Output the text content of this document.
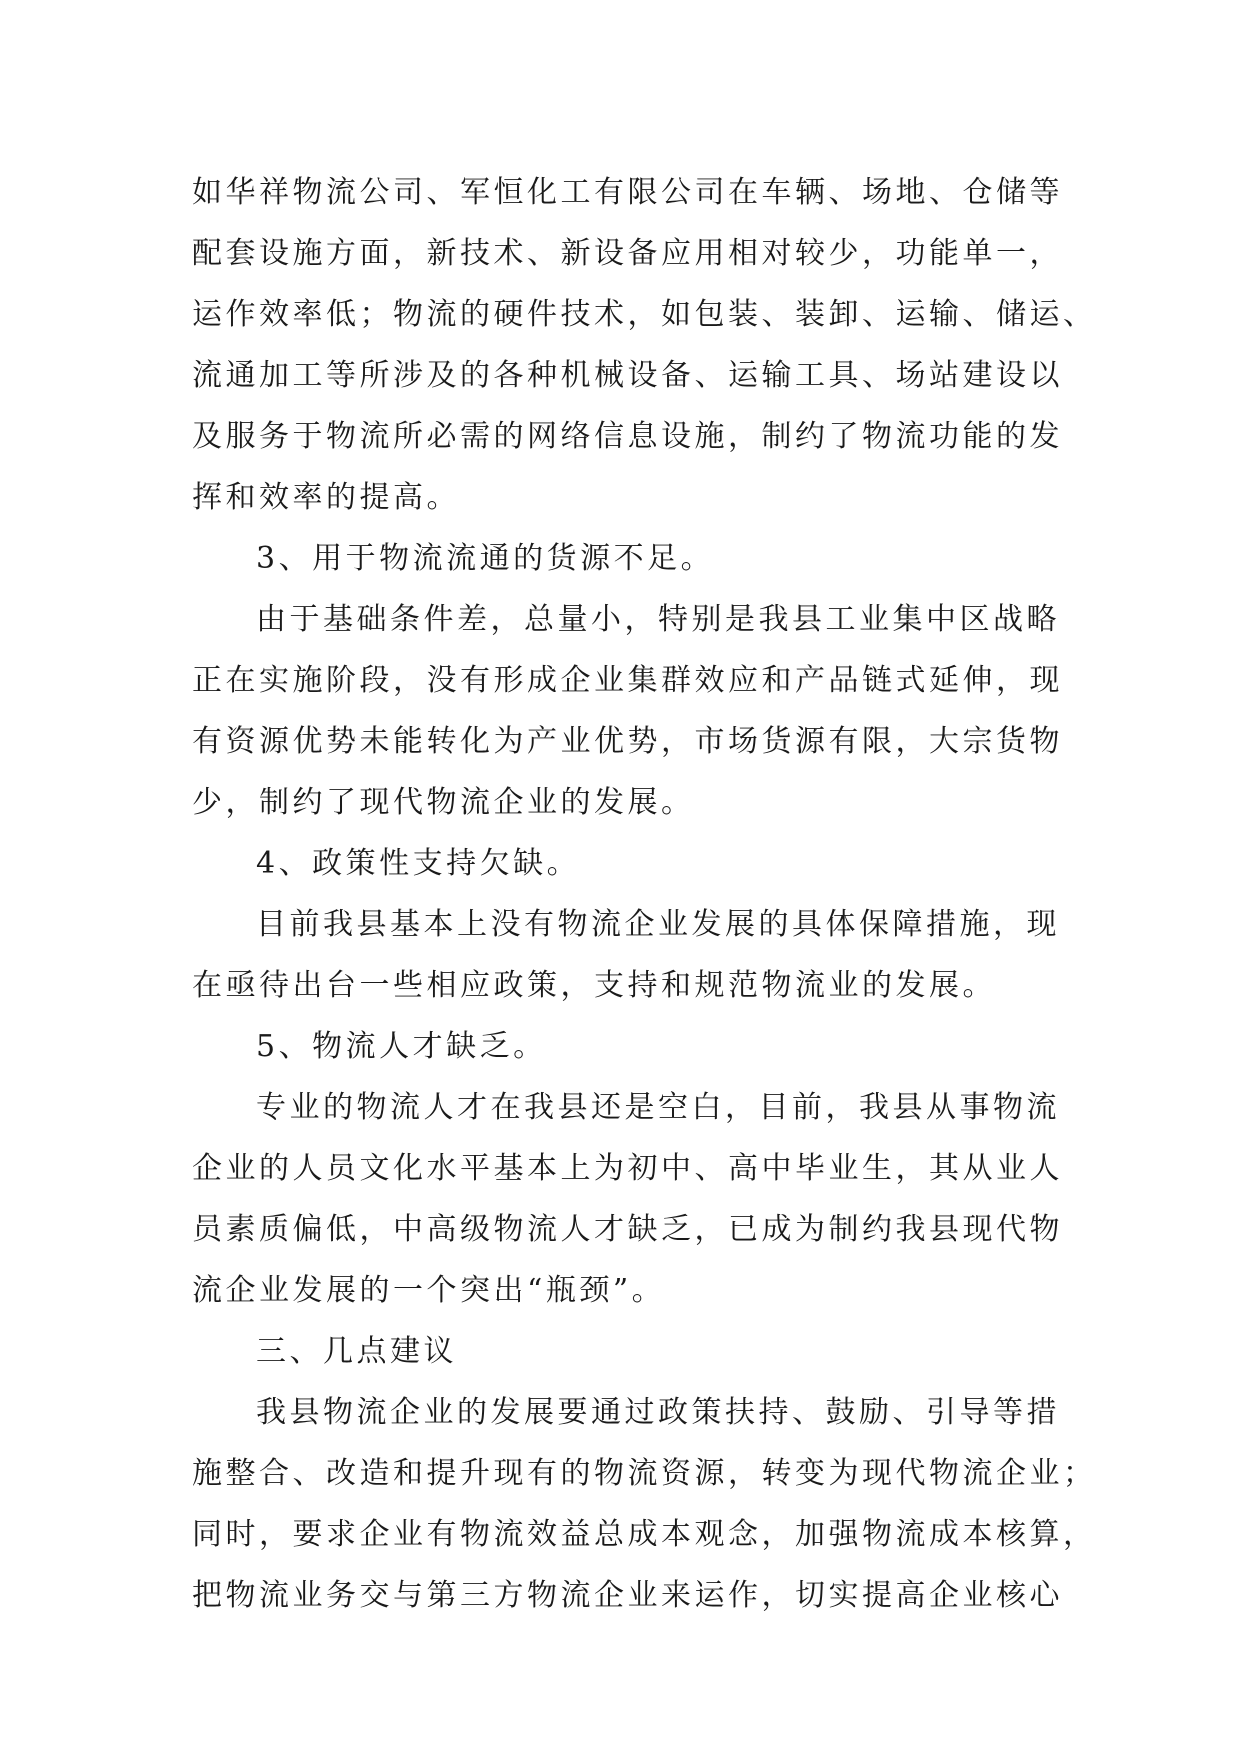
如华祥物流公司、军恒化工有限公司在车辆、场地、仓储等
配套设施方面，新技术、新设备应用相对较少，功能单一，
运作效率低；物流的硬件技术，如包装、装卸、运输、储运、
流通加工等所涉及的各种机械设备、运输工具、场站建设以
及服务于物流所必需的网络信息设施，制约了物流功能的发
挥和效率的提高。

3、用于物流流通的货源不足。

由于基础条件差，总量小，特别是我县工业集中区战略
正在实施阶段，没有形成企业集群效应和产品链式延伸，现
有资源优势未能转化为产业优势，市场货源有限，大宗货物
少，制约了现代物流企业的发展。

4、政策性支持欠缺。

目前我县基本上没有物流企业发展的具体保障措施，现
在亟待出台一些相应政策，支持和规范物流业的发展。

5、物流人才缺乏。

专业的物流人才在我县还是空白，目前，我县从事物流
企业的人员文化水平基本上为初中、高中毕业生，其从业人
员素质偏低，中高级物流人才缺乏，已成为制约我县现代物
流企业发展的一个突出“瓶颈”。

三、几点建议

我县物流企业的发展要通过政策扶持、鼓励、引导等措
施整合、改造和提升现有的物流资源，转变为现代物流企业；
同时，要求企业有物流效益总成本观念，加强物流成本核算，
把物流业务交与第三方物流企业来运作，切实提高企业核心
